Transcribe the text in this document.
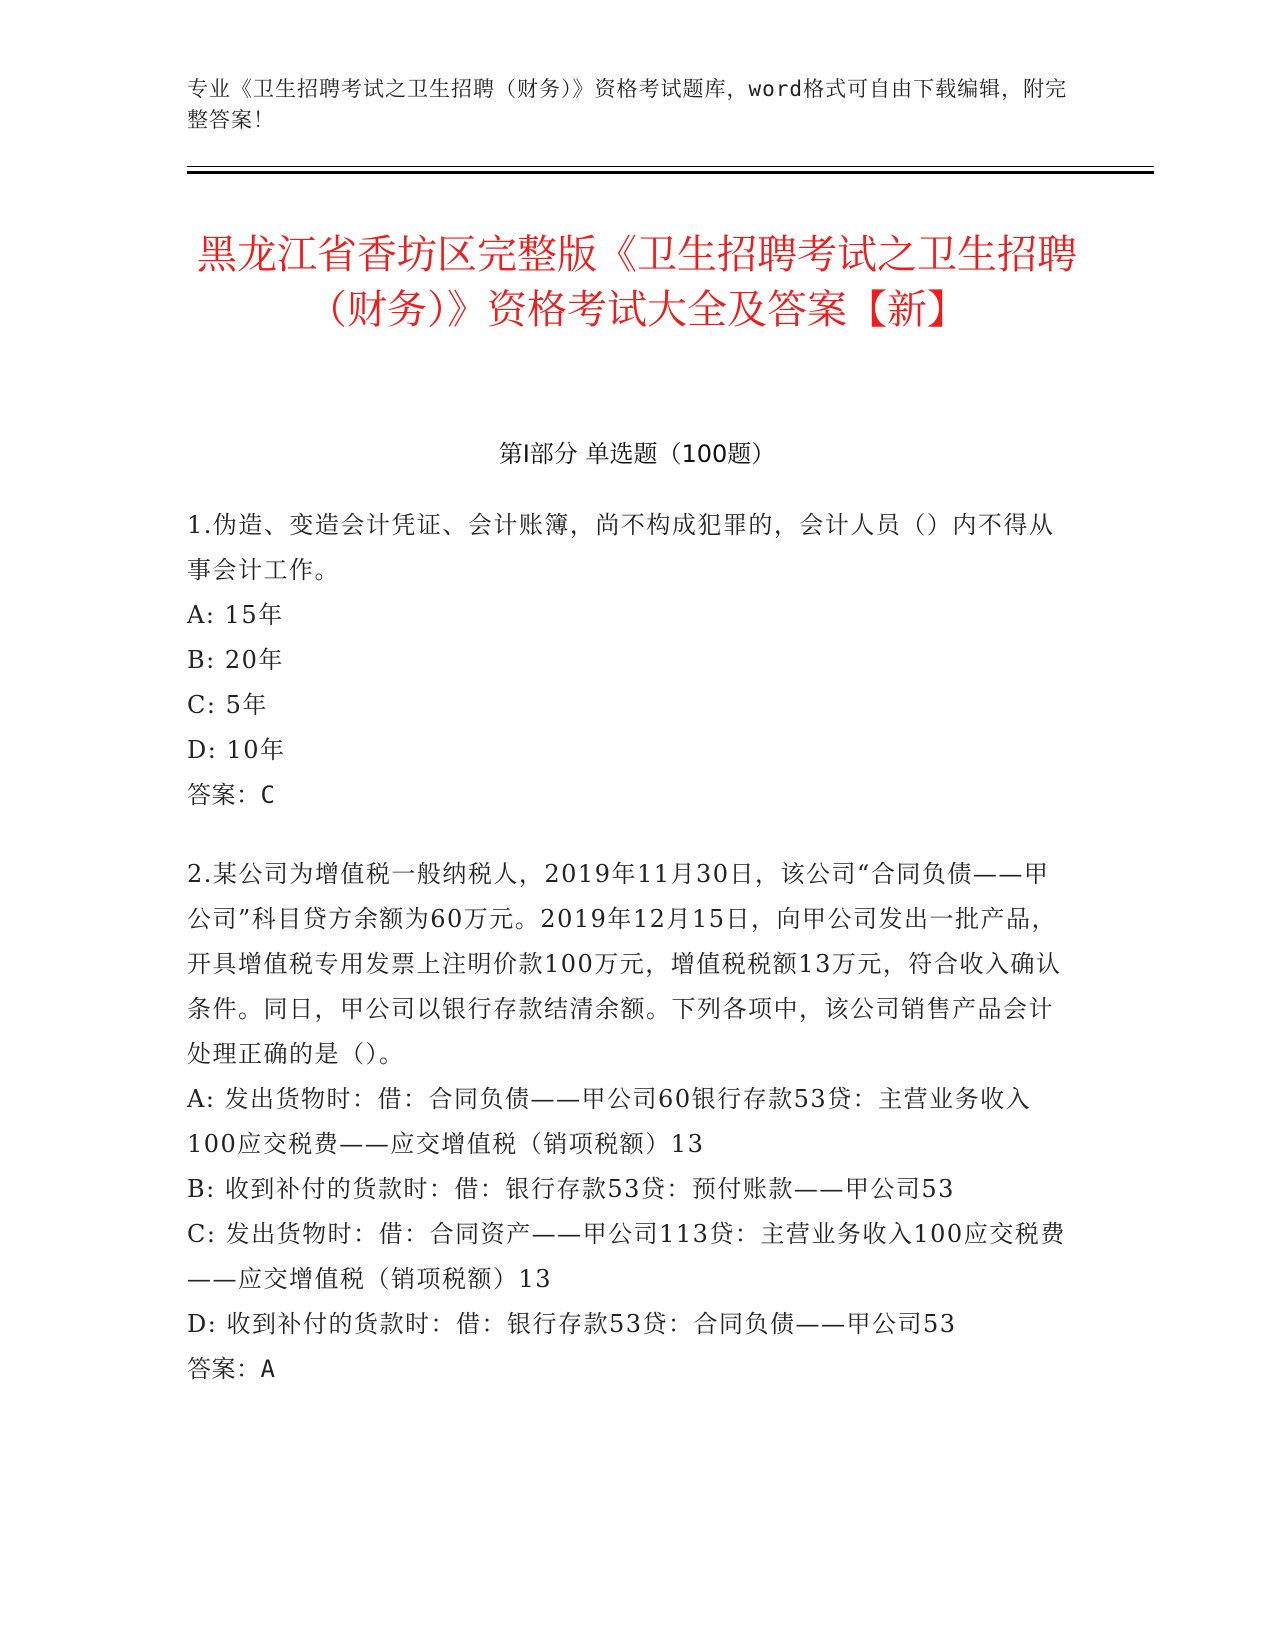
专业《卫生招聘考试之卫生招聘（财务）》资格考试题库，word格式可自由下载编辑，附完整答案！
黑龙江省香坊区完整版《卫生招聘考试之卫生招聘（财务）》资格考试大全及答案【新】
第Ⅰ部分 单选题（100题）
1.伪造、变造会计凭证、会计账簿，尚不构成犯罪的，会计人员（）内不得从事会计工作。
A: 15年
B: 20年
C: 5年
D: 10年
答案：C
2.某公司为增值税一般纳税人，2019年11月30日，该公司“合同负债——甲公司”科目贷方余额为60万元。2019年12月15日，向甲公司发出一批产品，开具增值税专用发票上注明价款100万元，增值税税额13万元，符合收入确认条件。同日，甲公司以银行存款结清余额。下列各项中，该公司销售产品会计处理正确的是（）。
A: 发出货物时：借：合同负债——甲公司60银行存款53贷：主营业务收入100应交税费——应交增值税（销项税额）13
B: 收到补付的货款时：借：银行存款53贷：预付账款——甲公司53
C: 发出货物时：借：合同资产——甲公司113贷：主营业务收入100应交税费——应交增值税（销项税额）13
D: 收到补付的货款时：借：银行存款53贷：合同负债——甲公司53
答案：A
